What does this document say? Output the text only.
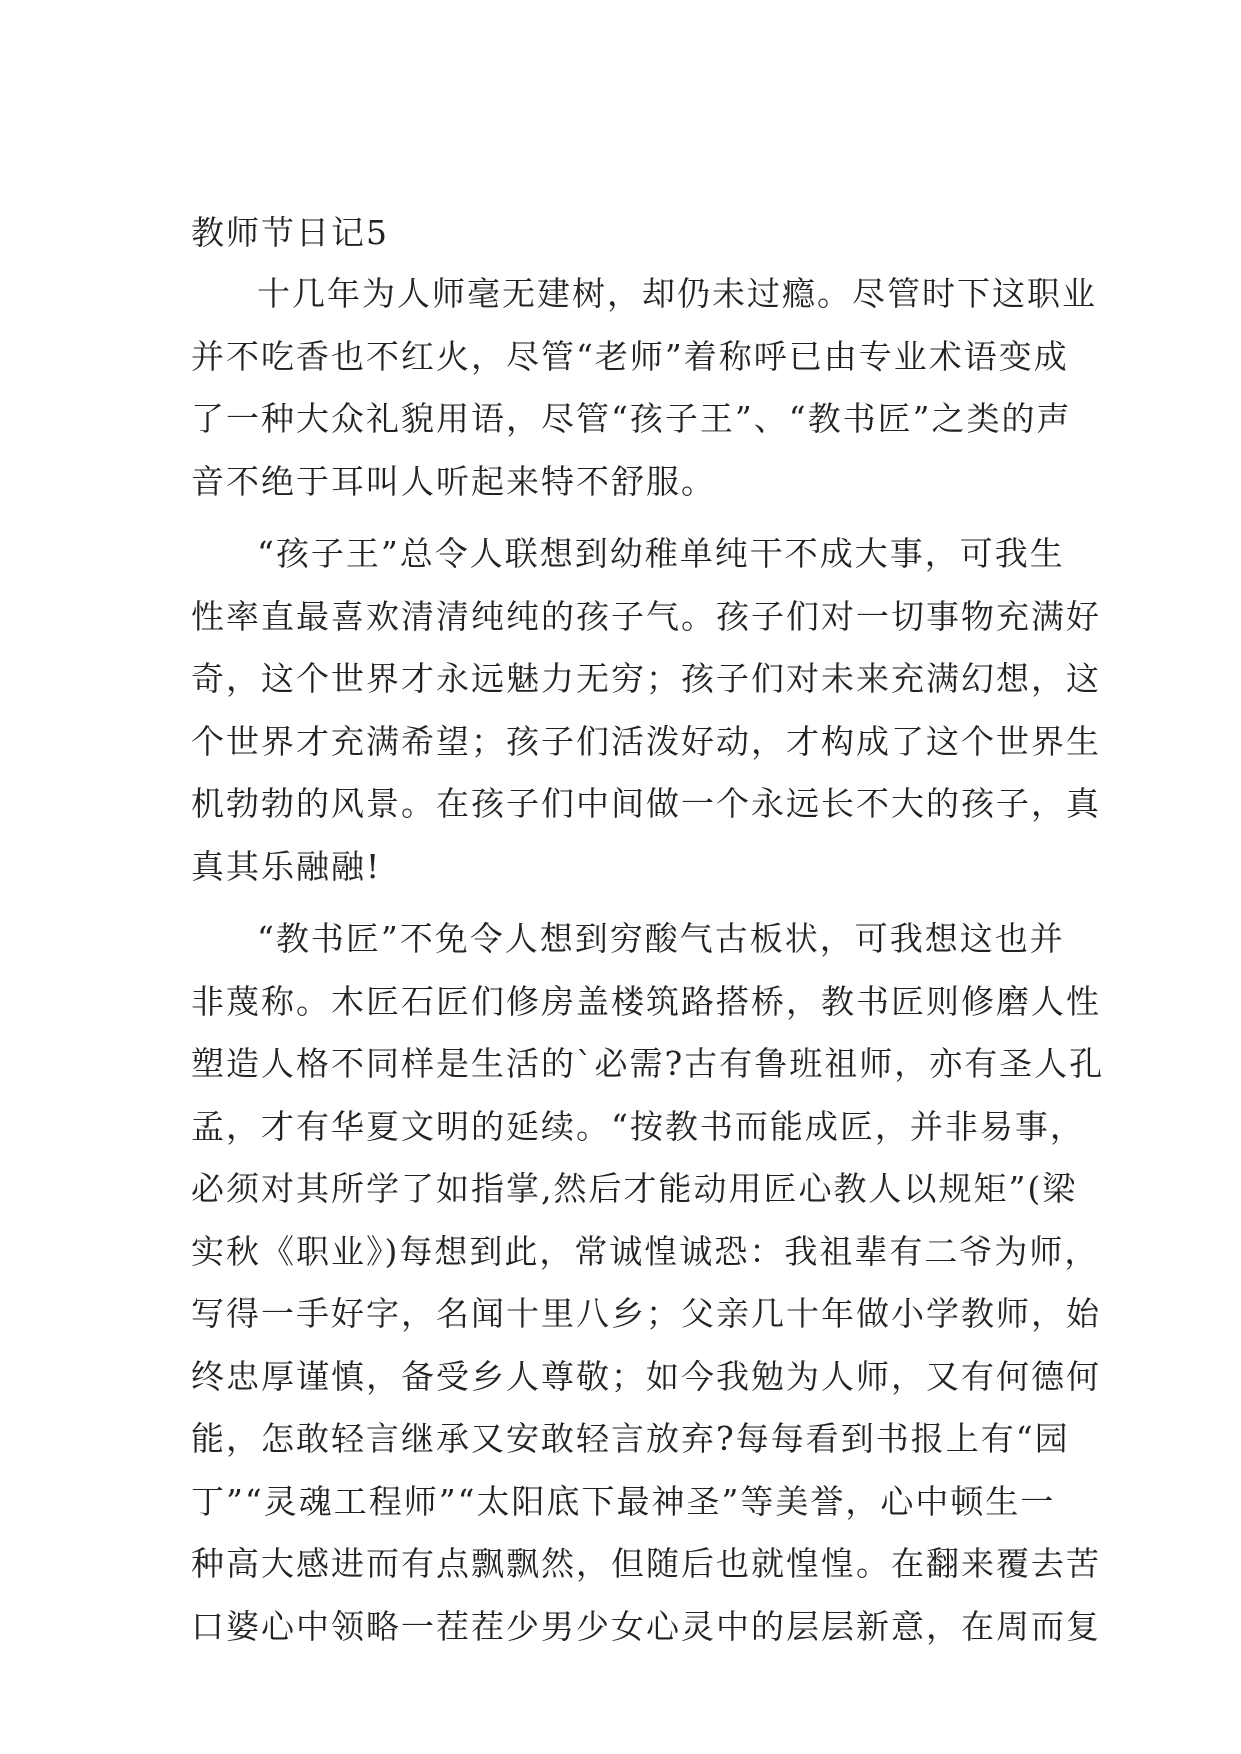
教师节日记5
十几年为人师毫无建树，却仍未过瘾。尽管时下这职业
并不吃香也不红火，尽管“老师”着称呼已由专业术语变成
了一种大众礼貌用语，尽管“孩子王”、“教书匠”之类的声
音不绝于耳叫人听起来特不舒服。
“孩子王”总令人联想到幼稚单纯干不成大事，可我生
性率直最喜欢清清纯纯的孩子气。孩子们对一切事物充满好
奇，这个世界才永远魅力无穷；孩子们对未来充满幻想，这
个世界才充满希望；孩子们活泼好动，才构成了这个世界生
机勃勃的风景。在孩子们中间做一个永远长不大的孩子，真
真其乐融融!
“教书匠”不免令人想到穷酸气古板状，可我想这也并
非蔑称。木匠石匠们修房盖楼筑路搭桥，教书匠则修磨人性
塑造人格不同样是生活的`必需?古有鲁班祖师，亦有圣人孔
孟，才有华夏文明的延续。“按教书而能成匠，并非易事，
必须对其所学了如指掌,然后才能动用匠心教人以规矩”(梁
实秋《职业》)每想到此，常诚惶诚恐：我祖辈有二爷为师，
写得一手好字，名闻十里八乡；父亲几十年做小学教师，始
终忠厚谨慎，备受乡人尊敬；如今我勉为人师，又有何德何
能，怎敢轻言继承又安敢轻言放弃?每每看到书报上有“园
丁”“灵魂工程师”“太阳底下最神圣”等美誉，心中顿生一
种高大感进而有点飘飘然，但随后也就惶惶。在翻来覆去苦
口婆心中领略一茬茬少男少女心灵中的层层新意，在周而复
